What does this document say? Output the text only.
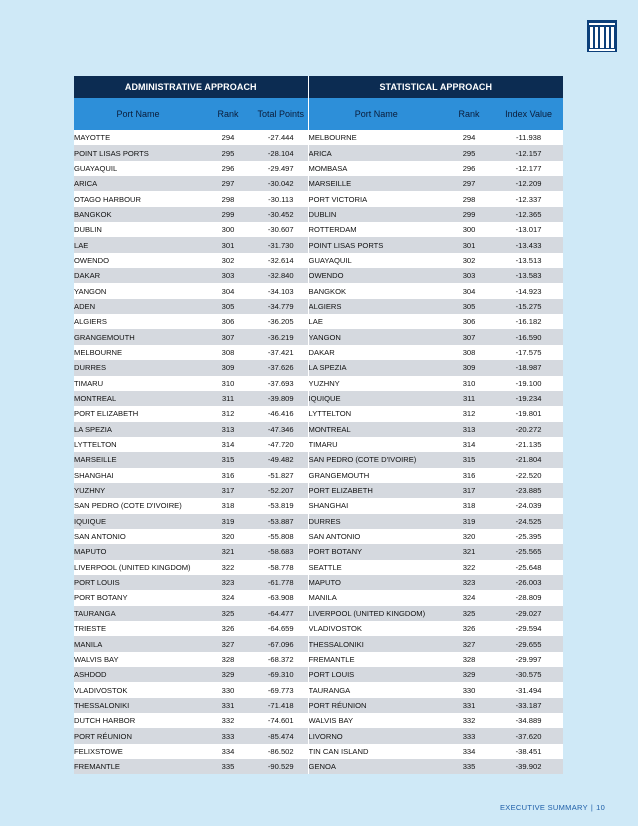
ADMINISTRATIVE APPROACH			STATISTICAL APPROACH		
Port Name	Rank	Total Points	Port Name	Rank	Index Value
MAYOTTE	294	-27.444	MELBOURNE	294	-11.938
POINT LISAS PORTS	295	-28.104	ARICA	295	-12.157
GUAYAQUIL	296	-29.497	MOMBASA	296	-12.177
ARICA	297	-30.042	MARSEILLE	297	-12.209
OTAGO HARBOUR	298	-30.113	PORT VICTORIA	298	-12.337
BANGKOK	299	-30.452	DUBLIN	299	-12.365
DUBLIN	300	-30.607	ROTTERDAM	300	-13.017
LAE	301	-31.730	POINT LISAS PORTS	301	-13.433
OWENDO	302	-32.614	GUAYAQUIL	302	-13.513
DAKAR	303	-32.840	OWENDO	303	-13.583
YANGON	304	-34.103	BANGKOK	304	-14.923
ADEN	305	-34.779	ALGIERS	305	-15.275
ALGIERS	306	-36.205	LAE	306	-16.182
GRANGEMOUTH	307	-36.219	YANGON	307	-16.590
MELBOURNE	308	-37.421	DAKAR	308	-17.575
DURRES	309	-37.626	LA SPEZIA	309	-18.987
TIMARU	310	-37.693	YUZHNY	310	-19.100
MONTREAL	311	-39.809	IQUIQUE	311	-19.234
PORT ELIZABETH	312	-46.416	LYTTELTON	312	-19.801
LA SPEZIA	313	-47.346	MONTREAL	313	-20.272
LYTTELTON	314	-47.720	TIMARU	314	-21.135
MARSEILLE	315	-49.482	SAN PEDRO (COTE D'IVOIRE)	315	-21.804
SHANGHAI	316	-51.827	GRANGEMOUTH	316	-22.520
YUZHNY	317	-52.207	PORT ELIZABETH	317	-23.885
SAN PEDRO (COTE D'IVOIRE)	318	-53.819	SHANGHAI	318	-24.039
IQUIQUE	319	-53.887	DURRES	319	-24.525
SAN ANTONIO	320	-55.808	SAN ANTONIO	320	-25.395
MAPUTO	321	-58.683	PORT BOTANY	321	-25.565
LIVERPOOL (UNITED KINGDOM)	322	-58.778	SEATTLE	322	-25.648
PORT LOUIS	323	-61.778	MAPUTO	323	-26.003
PORT BOTANY	324	-63.908	MANILA	324	-28.809
TAURANGA	325	-64.477	LIVERPOOL (UNITED KINGDOM)	325	-29.027
TRIESTE	326	-64.659	VLADIVOSTOK	326	-29.594
MANILA	327	-67.096	THESSALONIKI	327	-29.655
WALVIS BAY	328	-68.372	FREMANTLE	328	-29.997
ASHDOD	329	-69.310	PORT LOUIS	329	-30.575
VLADIVOSTOK	330	-69.773	TAURANGA	330	-31.494
THESSALONIKI	331	-71.418	PORT RÉUNION	331	-33.187
DUTCH HARBOR	332	-74.601	WALVIS BAY	332	-34.889
PORT RÉUNION	333	-85.474	LIVORNO	333	-37.620
FELIXSTOWE	334	-86.502	TIN CAN ISLAND	334	-38.451
FREMANTLE	335	-90.529	GENOA	335	-39.902
EXECUTIVE SUMMARY | 10
